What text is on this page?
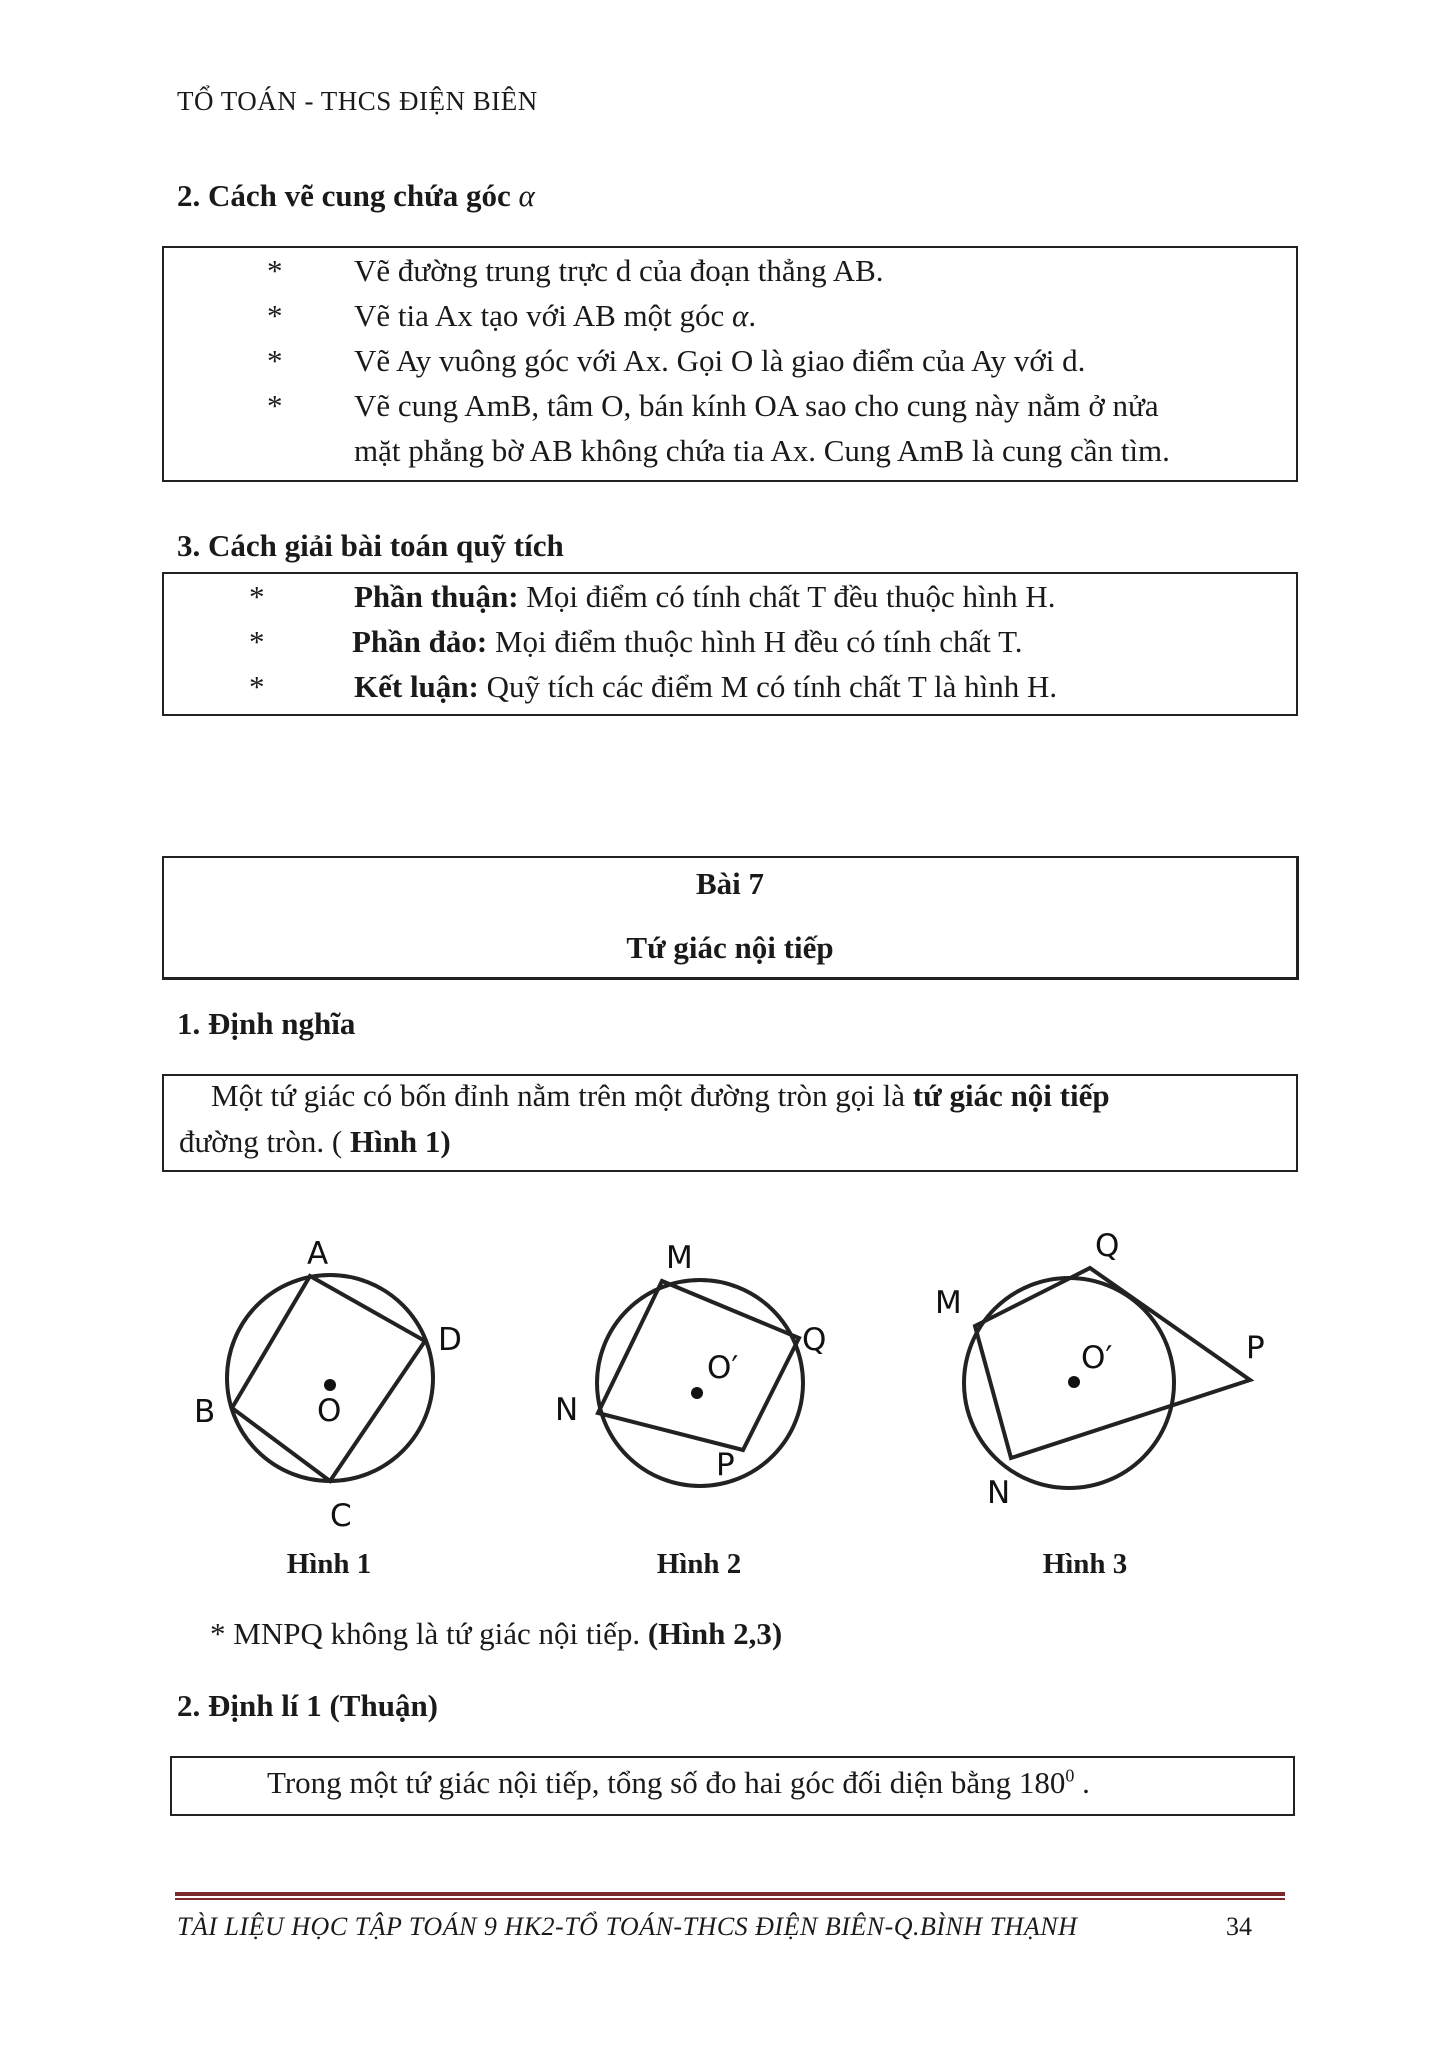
TỔ TOÁN - THCS ĐIỆN BIÊN
2. Cách vẽ cung chứa góc α
* Vẽ đường trung trực d của đoạn thẳng AB.
* Vẽ tia Ax tạo với AB một góc α.
* Vẽ Ay vuông góc với Ax. Gọi O là giao điểm của Ay với d.
* Vẽ cung AmB, tâm O, bán kính OA sao cho cung này nằm ở nửa
mặt phẳng bờ AB không chứa tia Ax. Cung AmB là cung cần tìm.
3. Cách giải bài toán quỹ tích
*	Phần thuận: Mọi điểm có tính chất T đều thuộc hình H.
*	Phần đảo: Mọi điểm thuộc hình H đều có tính chất T.
*	Kết luận: Quỹ tích các điểm M có tính chất T là hình H.
Bài 7
Tứ giác nội tiếp
1. Định nghĩa
Một tứ giác có bốn đỉnh nằm trên một đường tròn gọi là tứ giác nội tiếp
đường tròn. ( Hình 1)
A
D
B	O
C
M
Q
O′
N
P
Q
M
O′	P
N
Hình 1	Hình 2	Hình 3
* MNPQ không là tứ giác nội tiếp. (Hình 2,3)
2. Định lí 1 (Thuận)
Trong một tứ giác nội tiếp, tổng số đo hai góc đối diện bằng $180^0$ .
TÀI LIỆU HỌC TẬP TOÁN 9 HK2-TỔ TOÁN-THCS ĐIỆN BIÊN-Q.BÌNH THẠNH	34
